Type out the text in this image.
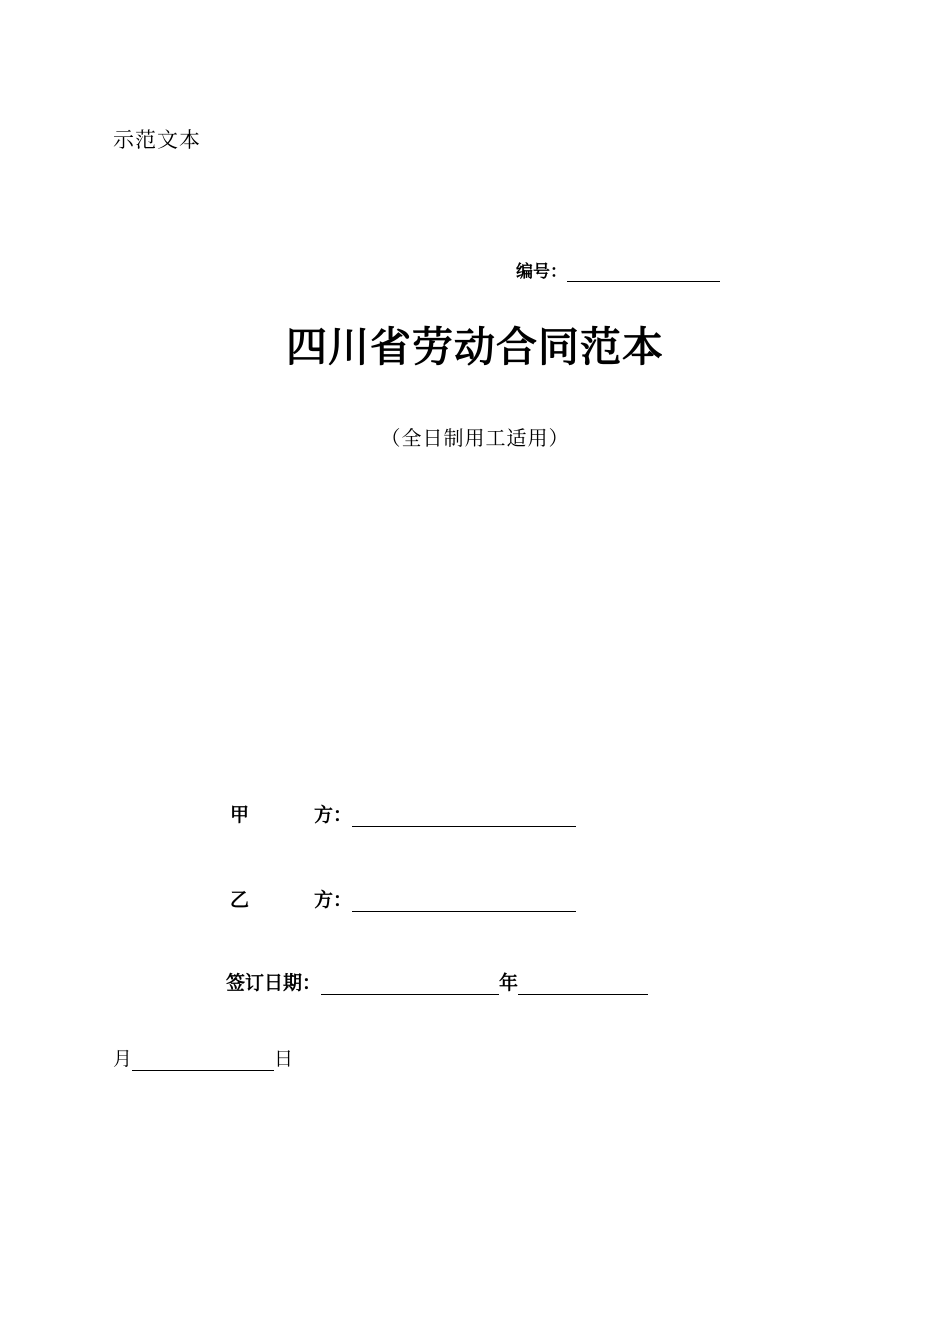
示范文本
编号：
四川省劳动合同范本
（全日制用工适用）
甲	方：
乙	方：
签订日期：	年
月	日
